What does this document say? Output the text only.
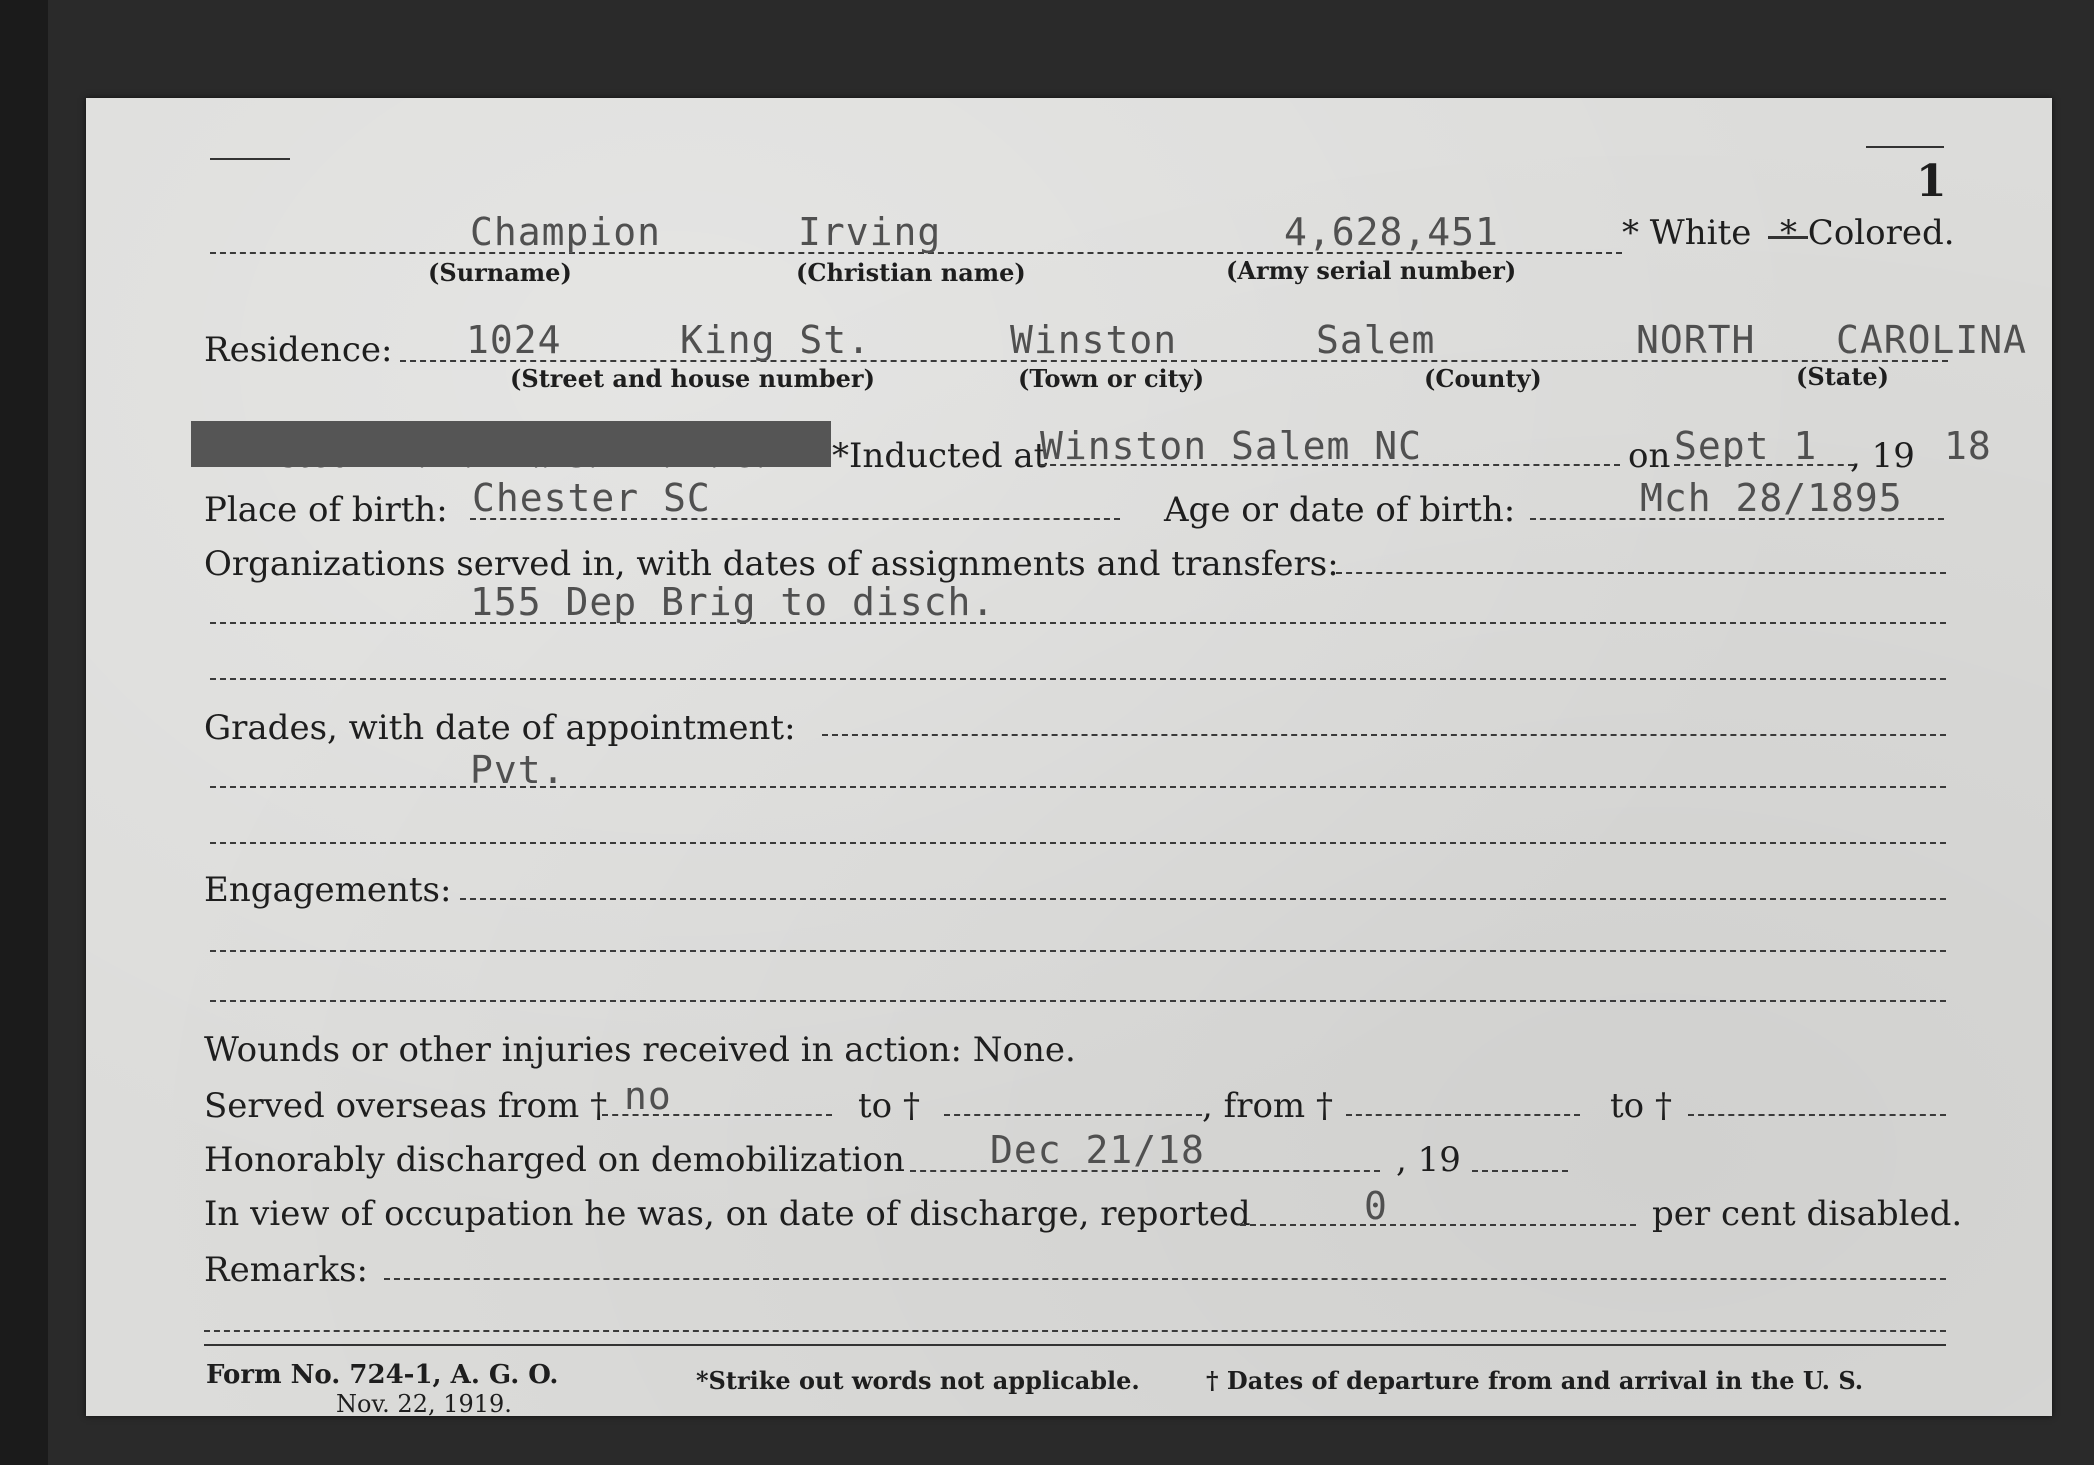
1
Champion	Irving	4,628,451	* White * Colored.
(Surname)	(Christian name)	(Army serial number)
Residence: 1024	King St.	Winston	Salem	NORTH CAROLINA
(Street and house number)	(Town or city)	(County)	(State)
*Inducted at
Winston Salem NC	on Sept 1 , 19 18
Place of birth: Chester SC	Age or date of birth:	Mch 28/1895
Organizations served in, with dates of assignments and transfers:
155 Dep Brig to disch.
Grades, with date of appointment:
Pvt.
Engagements:
Wounds or other injuries received in action: None.
Served overseas from † no	to †	, from †	to †
Honorably discharged on demobilization Dec 21/18	, 19
In view of occupation he was, on date of discharge, reported	0	per cent disabled.
Remarks:
Form No. 724-1, A. G. O.
Nov. 22, 1919.
*Strike out words not applicable.	† Dates of departure from and arrival in the U. S.
